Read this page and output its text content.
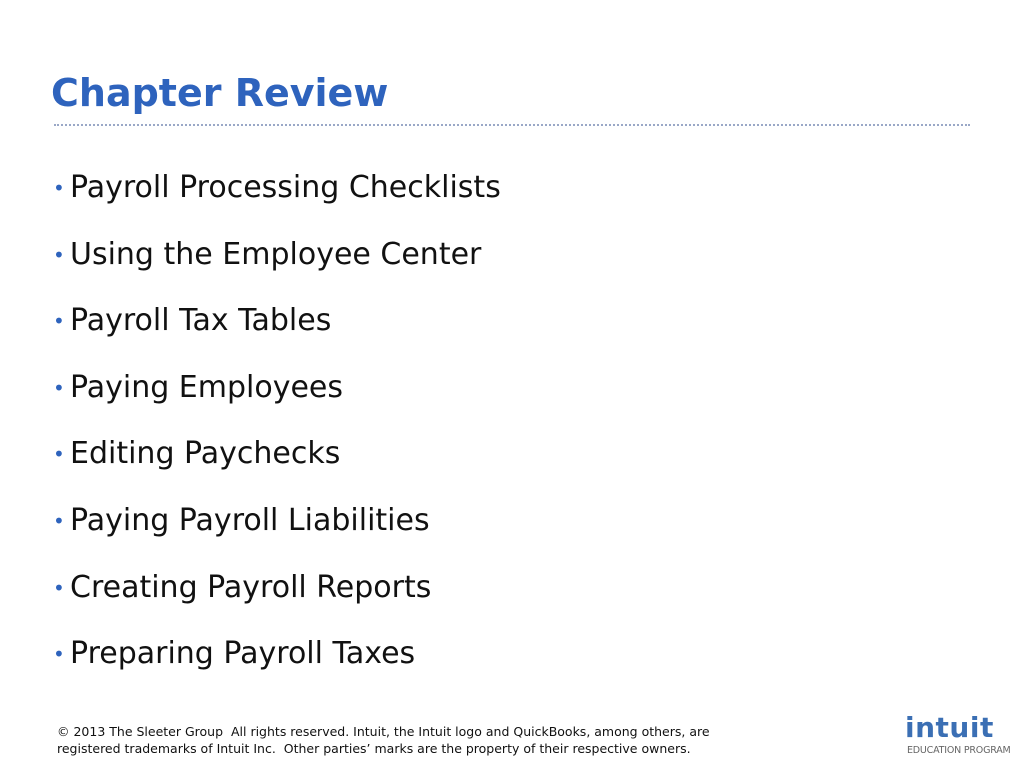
Chapter Review
• Payroll Processing Checklists
• Using the Employee Center
• Payroll Tax Tables
• Paying Employees
• Editing Paychecks
• Paying Payroll Liabilities
• Creating Payroll Reports
• Preparing Payroll Taxes
© 2013 The Sleeter Group  All rights reserved. Intuit, the Intuit logo and QuickBooks, among others, are
registered trademarks of Intuit Inc.  Other parties’ marks are the property of their respective owners.
intuit
EDUCATION PROGRAM
